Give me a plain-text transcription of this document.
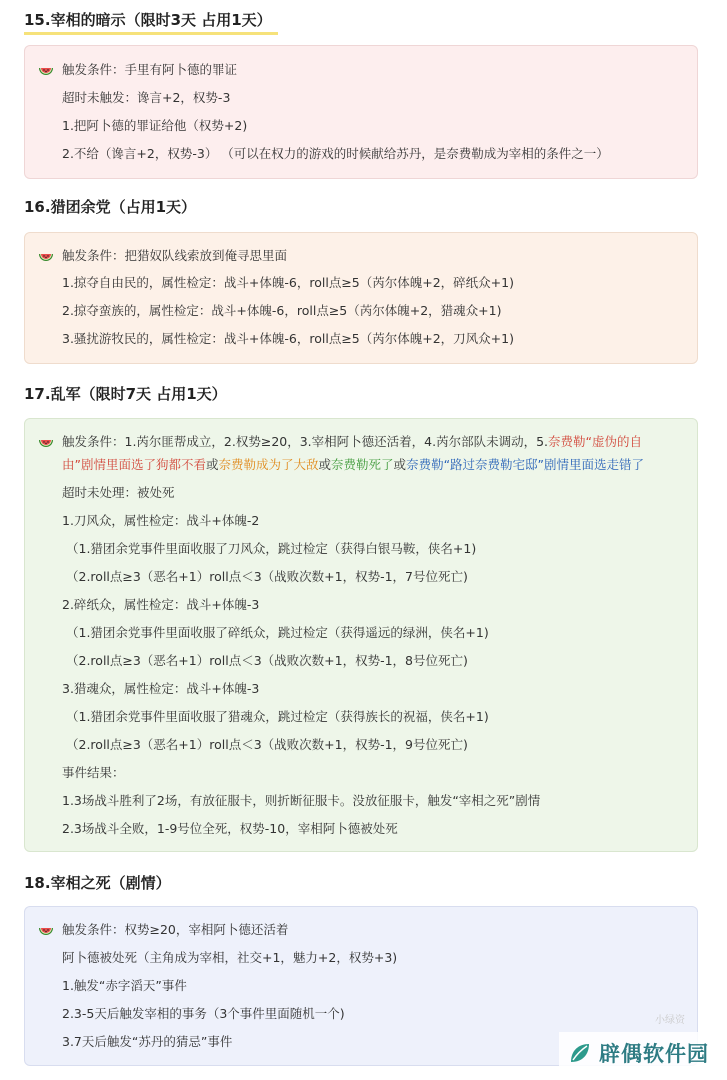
15.宰相的暗示（限时3天 占用1天）
触发条件：手里有阿卜德的罪证
超时未触发：谗言+2，权势-3
1.把阿卜德的罪证给他（权势+2)
2.不给（谗言+2，权势-3） （可以在权力的游戏的时候献给苏丹，是奈费勒成为宰相的条件之一）
16.猎团余党（占用1天）
触发条件：把猎奴队线索放到俺寻思里面
1.掠夺自由民的，属性检定：战斗+体魄-6，roll点≥5（芮尔体魄+2，碎纸众+1)
2.掠夺蛮族的，属性检定：战斗+体魄-6，roll点≥5（芮尔体魄+2，猎魂众+1)
3.骚扰游牧民的，属性检定：战斗+体魄-6，roll点≥5（芮尔体魄+2，刀风众+1)
17.乱军（限时7天 占用1天）
触发条件：1.芮尔匪帮成立，2.权势≥20，3.宰相阿卜德还活着，4.芮尔部队未调动，5.奈费勒“虚伪的自
由”剧情里面选了狗都不看或奈费勒成为了大敌或奈费勒死了或奈费勒“路过奈费勒宅邸”剧情里面选走错了
超时未处理：被处死
1.刀风众，属性检定：战斗+体魄-2
（1.猎团余党事件里面收服了刀风众，跳过检定（获得白银马鞍，侠名+1)
（2.roll点≥3（恶名+1）roll点＜3（战败次数+1，权势-1，7号位死亡)
2.碎纸众，属性检定：战斗+体魄-3
（1.猎团余党事件里面收服了碎纸众，跳过检定（获得遥远的绿洲，侠名+1)
（2.roll点≥3（恶名+1）roll点＜3（战败次数+1，权势-1，8号位死亡)
3.猎魂众，属性检定：战斗+体魄-3
（1.猎团余党事件里面收服了猎魂众，跳过检定（获得族长的祝福，侠名+1)
（2.roll点≥3（恶名+1）roll点＜3（战败次数+1，权势-1，9号位死亡)
事件结果：
1.3场战斗胜利了2场，有放征服卡，则折断征服卡。没放征服卡，触发“宰相之死”剧情
2.3场战斗全败，1-9号位全死，权势-10，宰相阿卜德被处死
18.宰相之死（剧情）
触发条件：权势≥20，宰相阿卜德还活着
阿卜德被处死（主角成为宰相，社交+1，魅力+2，权势+3)
1.触发“赤字滔天”事件
2.3-5天后触发宰相的事务（3个事件里面随机一个)
3.7天后触发“苏丹的猜忌”事件
小绿资
辟偶软件园
